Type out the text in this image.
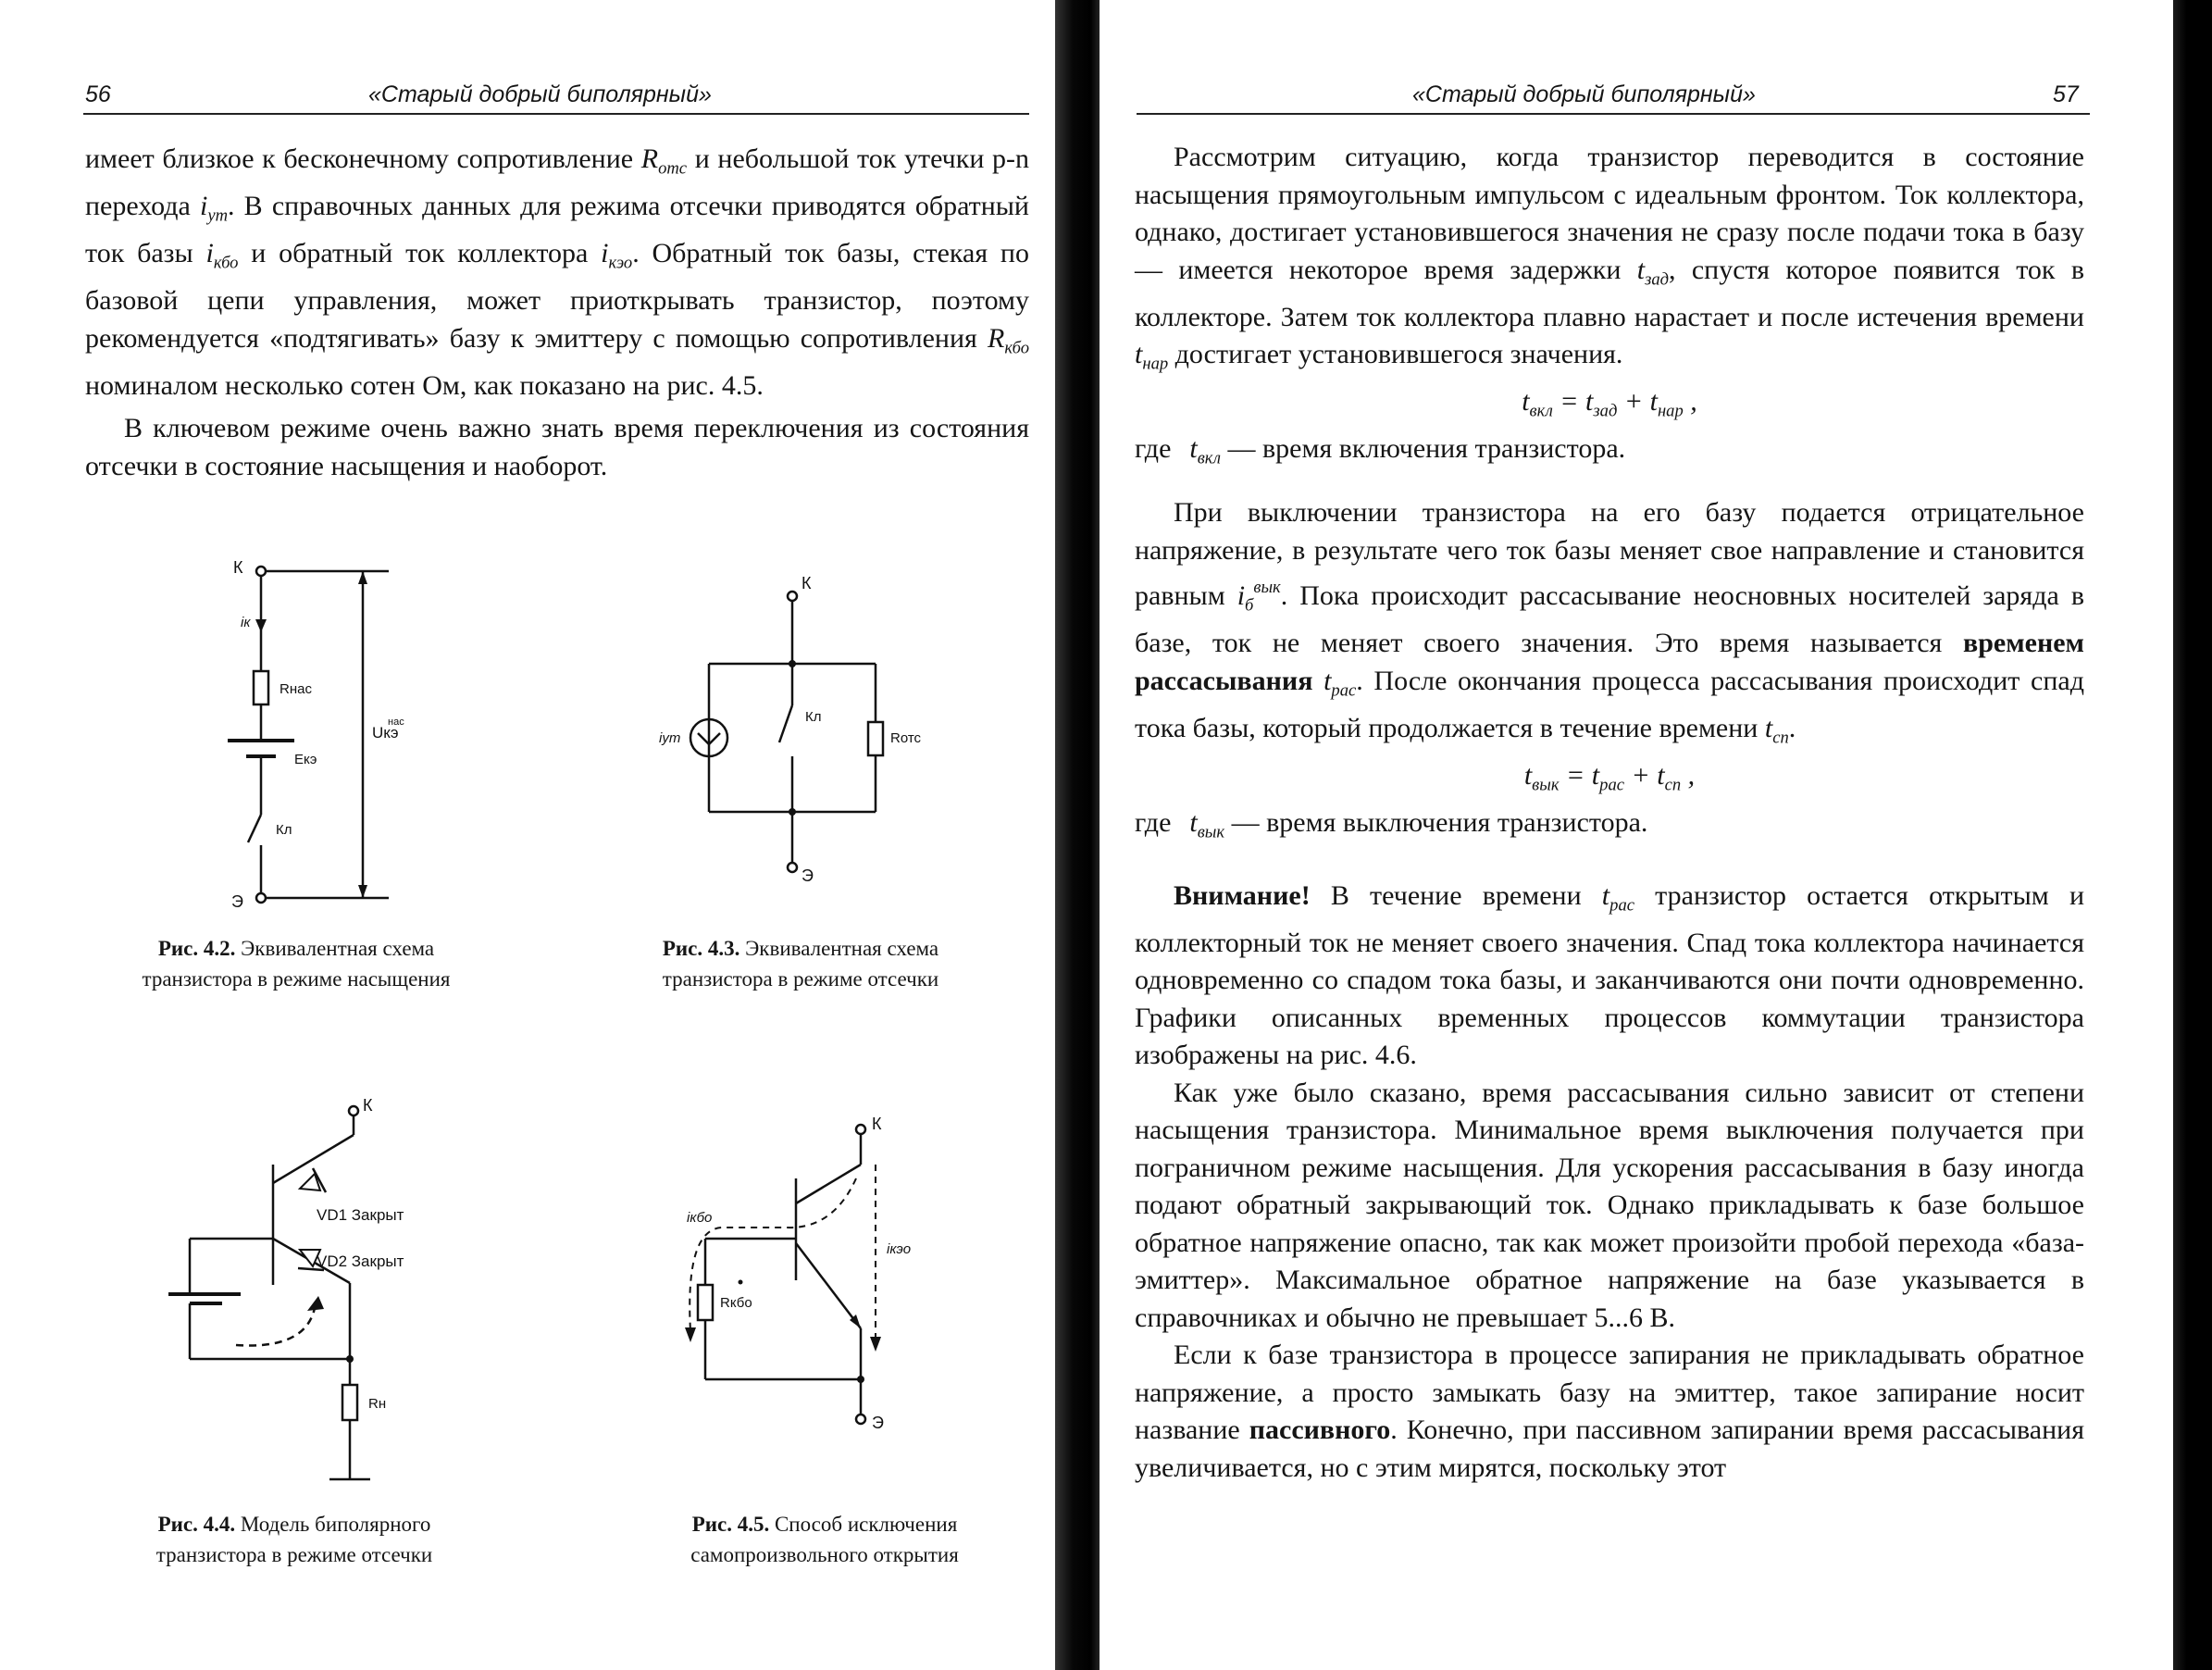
56	«Старый добрый биполярный»

имеет близкое к бесконечному сопротивление $R_{отс}$ и небольшой ток утечки p-n перехода $i_{ут}$. В справочных данных для режима отсечки приводятся обратный ток базы $i_{кбо}$ и обратный ток коллектора $i_{кэо}$. Обратный ток базы, стекая по базовой цепи управления, может приоткрывать транзистор, поэтому рекомендуется «подтягивать» базу к эмиттеру с помощью сопротивления $R_{кбо}$ номиналом несколько сотен Ом, как показано на рис. 4.5.

В ключевом режиме очень важно знать время переключения из состояния отсечки в состояние насыщения и наоборот.

К
iк
Rнас
Екэ
Кл
Э
Uкэ
нас
Рис. 4.2. Эквивалентная схема
транзистора в режиме насыщения
К
iут
Кл
Rотс
Э
Рис. 4.3. Эквивалентная схема
транзистора в режиме отсечки
К
VD1 Закрыт
VD2 Закрыт
Rн
Рис. 4.4. Модель биполярного
транзистора в режиме отсечки
К
iкбо
Rкбо
iкэо
Э
Рис. 4.5. Способ исключения
самопроизвольного открытия
«Старый добрый биполярный»	57

Рассмотрим ситуацию, когда транзистор переводится в состояние насыщения прямоугольным импульсом с идеальным фронтом. Ток коллектора, однако, достигает установившегося значения не сразу после подачи тока в базу — имеется некоторое время задержки $t_{зад}$, спустя которое появится ток в коллекторе. Затем ток коллектора плавно нарастает и после истечения времени $t_{нар}$ достигает установившегося значения.

$t_{вкл} = t_{зад} + t_{нар}$ ,

где $t_{вкл}$ — время включения транзистора.

При выключении транзистора на его базу подается отрицательное напряжение, в результате чего ток базы меняет свое направление и становится равным $i_б^{вык}$. Пока происходит рассасывание неосновных носителей заряда в базе, ток не меняет своего значения. Это время называется временем рассасывания $t_{рас}$. После окончания процесса рассасывания происходит спад тока базы, который продолжается в течение времени $t_{сп}$.

$t_{вык} = t_{рас} + t_{сп}$ ,

где $t_{вык}$ — время выключения транзистора.

Внимание! В течение времени $t_{рас}$ транзистор остается открытым и коллекторный ток не меняет своего значения. Спад тока коллектора начинается одновременно со спадом тока базы, и заканчиваются они почти одновременно. Графики описанных временных процессов коммутации транзистора изображены на рис. 4.6.

Как уже было сказано, время рассасывания сильно зависит от степени насыщения транзистора. Минимальное время выключения получается при пограничном режиме насыщения. Для ускорения рассасывания в базу иногда подают обратный закрывающий ток. Однако прикладывать к базе большое обратное напряжение опасно, так как может произойти пробой перехода «база-эмиттер». Максимальное обратное напряжение на базе указывается в справочниках и обычно не превышает 5...6 В.

Если к базе транзистора в процессе запирания не прикладывать обратное напряжение, а просто замыкать базу на эмиттер, такое запирание носит название пассивного. Конечно, при пассивном запирании время рассасывания увеличивается, но с этим мирятся, поскольку этот
